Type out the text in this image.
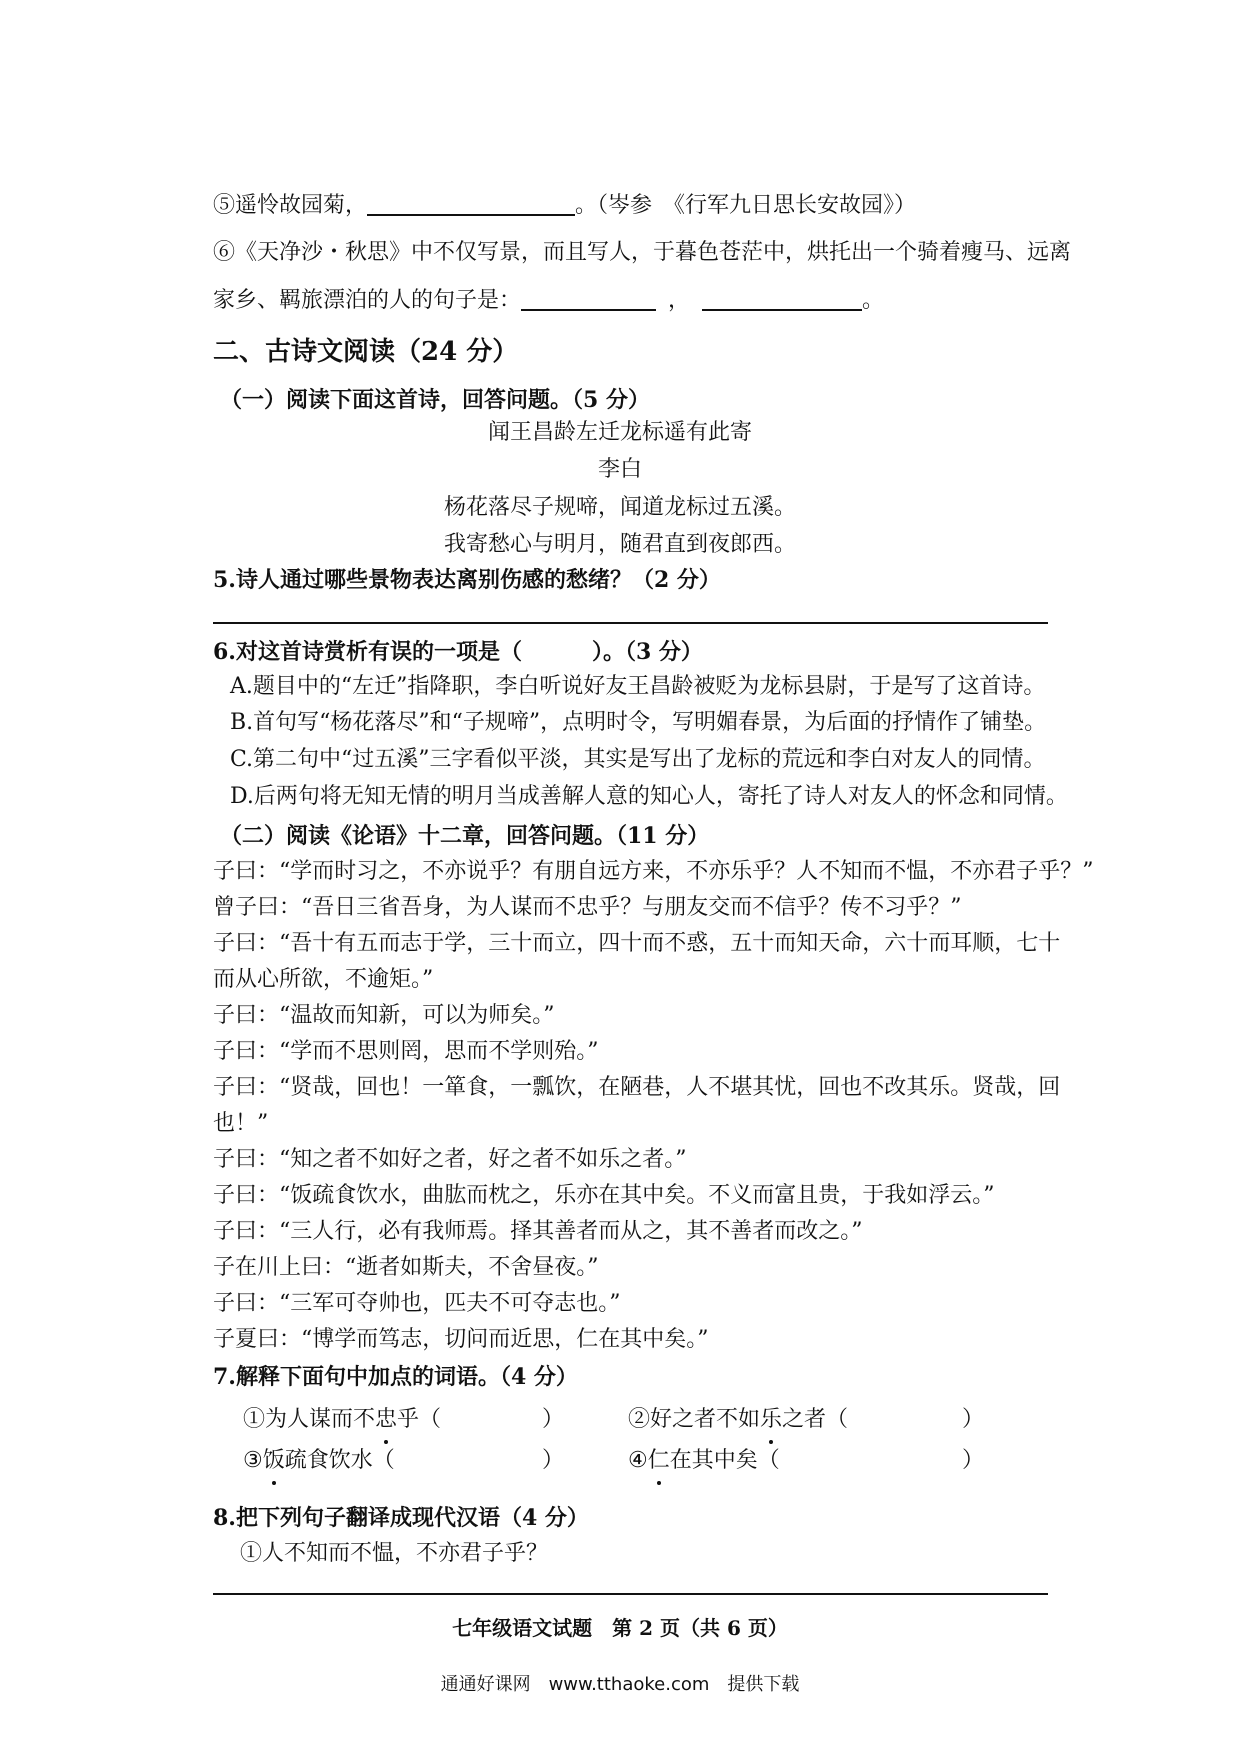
⑤遥怜故园菊，	。（岑参　《行军九日思长安故园》）
⑥《天净沙・秋思》中不仅写景，而且写人，于暮色苍茫中，烘托出一个骑着瘦马、远离
家乡、羁旅漂泊的人的句子是：	，	。
二、古诗文阅读（24 分）
（一）阅读下面这首诗，回答问题。（5 分）
闻王昌龄左迁龙标遥有此寄
李白
杨花落尽子规啼，闻道龙标过五溪。
我寄愁心与明月，随君直到夜郎西。
5.诗人通过哪些景物表达离别伤感的愁绪？（2 分）
6.对这首诗赏析有误的一项是（	）。（3 分）
A.题目中的“左迁”指降职，李白听说好友王昌龄被贬为龙标县尉，于是写了这首诗。
B.首句写“杨花落尽”和“子规啼”，点明时令，写明媚春景，为后面的抒情作了铺垫。
C.第二句中“过五溪”三字看似平淡，其实是写出了龙标的荒远和李白对友人的同情。
D.后两句将无知无情的明月当成善解人意的知心人，寄托了诗人对友人的怀念和同情。
（二）阅读《论语》十二章，回答问题。（11 分）
子曰：“学而时习之，不亦说乎？有朋自远方来，不亦乐乎？人不知而不愠，不亦君子乎？”
曾子曰：“吾日三省吾身，为人谋而不忠乎？与朋友交而不信乎？传不习乎？”
子曰：“吾十有五而志于学，三十而立，四十而不惑，五十而知天命，六十而耳顺，七十
而从心所欲，不逾矩。”
子曰：“温故而知新，可以为师矣。”
子曰：“学而不思则罔，思而不学则殆。”
子曰：“贤哉，回也！一箪食，一瓢饮，在陋巷，人不堪其忧，回也不改其乐。贤哉，回
也！”
子曰：“知之者不如好之者，好之者不如乐之者。”
子曰：“饭疏食饮水，曲肱而枕之，乐亦在其中矣。不义而富且贵，于我如浮云。”
子曰：“三人行，必有我师焉。择其善者而从之，其不善者而改之。”
子在川上曰：“逝者如斯夫，不舍昼夜。”
子曰：“三军可夺帅也，匹夫不可夺志也。”
子夏曰：“博学而笃志，切问而近思，仁在其中矣。”
7.解释下面句中加点的词语。（4 分）
①为人谋而不忠乎（	）	②好之者不如乐之者（	）
③饭疏食饮水（	）	④仁在其中矣（	）
8.把下列句子翻译成现代汉语（4 分）
①人不知而不愠，不亦君子乎？
七年级语文试题　第 2 页（共 6 页）
通通好课网　www.tthaoke.com　提供下载
